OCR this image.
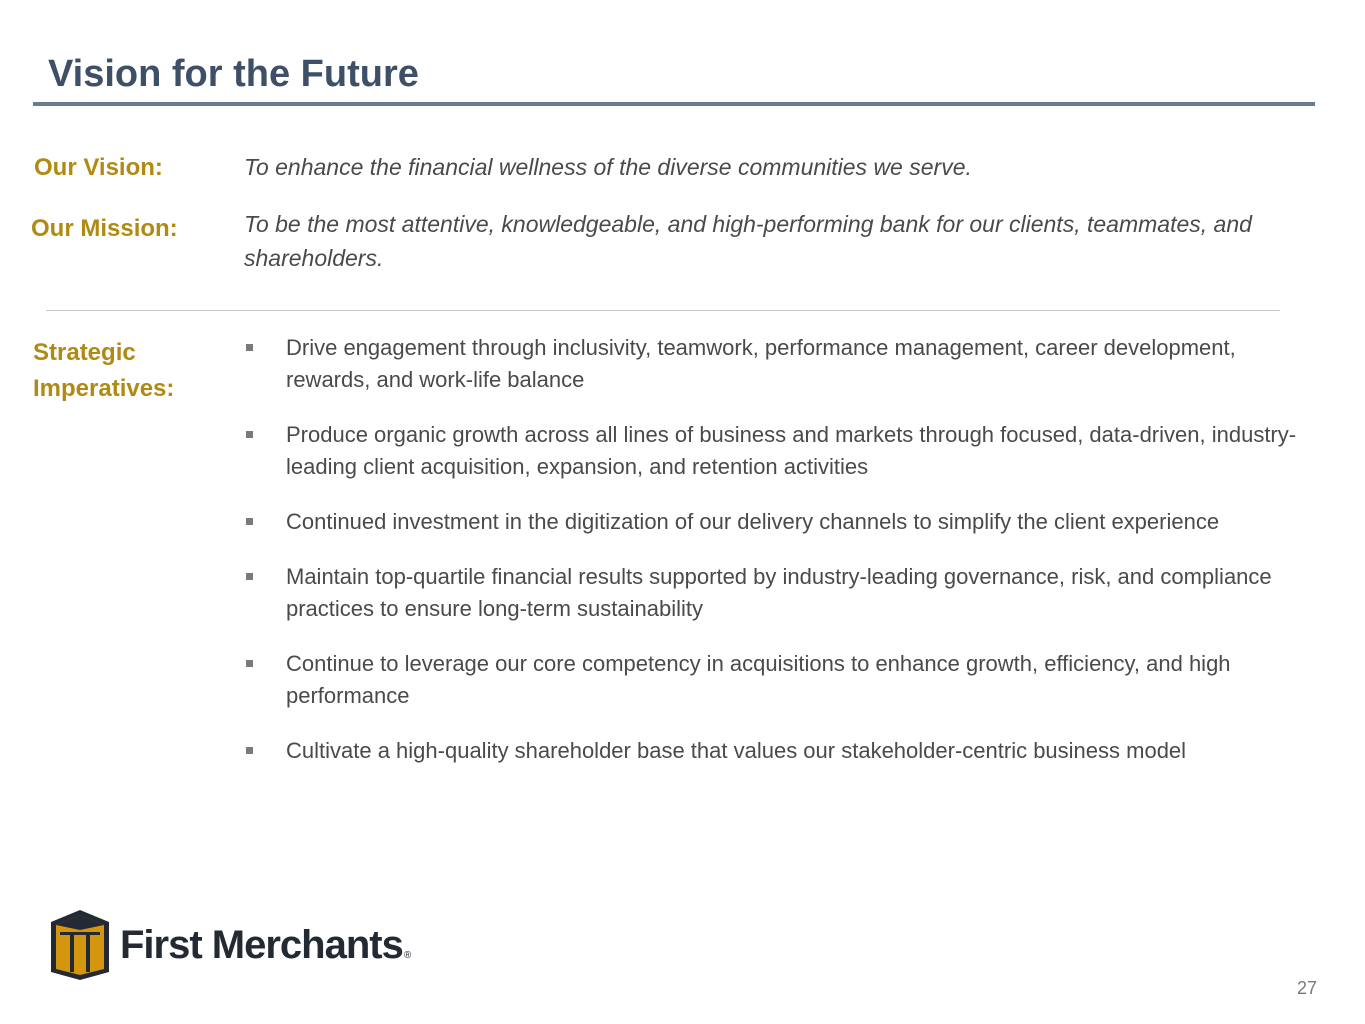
Vision for the Future
Our Vision:	To enhance the financial wellness of the diverse communities we serve.

Our Mission:	To be the most attentive, knowledgeable, and high-performing bank for our clients, teammates, and shareholders.

Strategic
Imperatives:
Drive engagement through inclusivity, teamwork, performance management, career development, rewards, and work-life balance
Produce organic growth across all lines of business and markets through focused, data-driven, industry-leading client acquisition, expansion, and retention activities
Continued investment in the digitization of our delivery channels to simplify the client experience
Maintain top-quartile financial results supported by industry-leading governance, risk, and compliance practices to ensure long-term sustainability
Continue to leverage our core competency in acquisitions to enhance growth, efficiency, and high performance
Cultivate a high-quality shareholder base that values our stakeholder-centric business model
First Merchants®
27
